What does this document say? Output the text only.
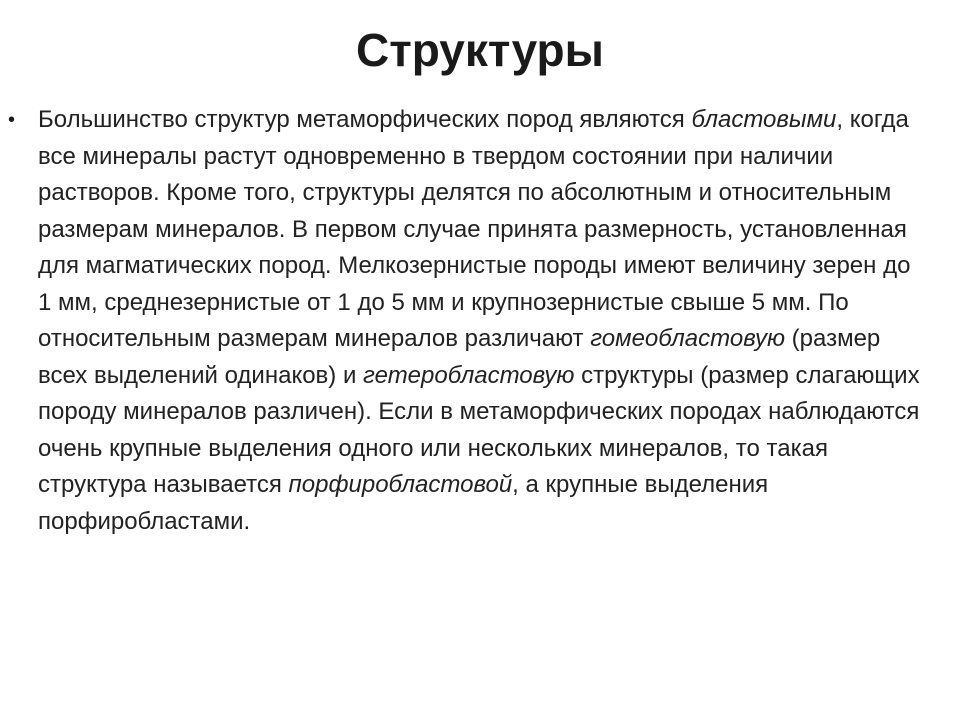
Структуры
• Большинство структур метаморфических пород являются бластовыми, когда все минералы растут одновременно в твердом состоянии при наличии растворов. Кроме того, структуры делятся по абсолютным и относительным размерам минералов. В первом случае принята размерность, установленная для магматических пород. Мелкозернистые породы имеют величину зерен до 1 мм, среднезернистые от 1 до 5 мм и крупнозернистые свыше 5 мм. По относительным размерам минералов различают гомеобластовую (размер всех выделений одинаков) и гетеробластовую структуры (размер слагающих породу минералов различен). Если в метаморфических породах наблюдаются очень крупные выделения одного или нескольких минералов, то такая структура называется порфиробластовой, а крупные выделения порфиробластами.
